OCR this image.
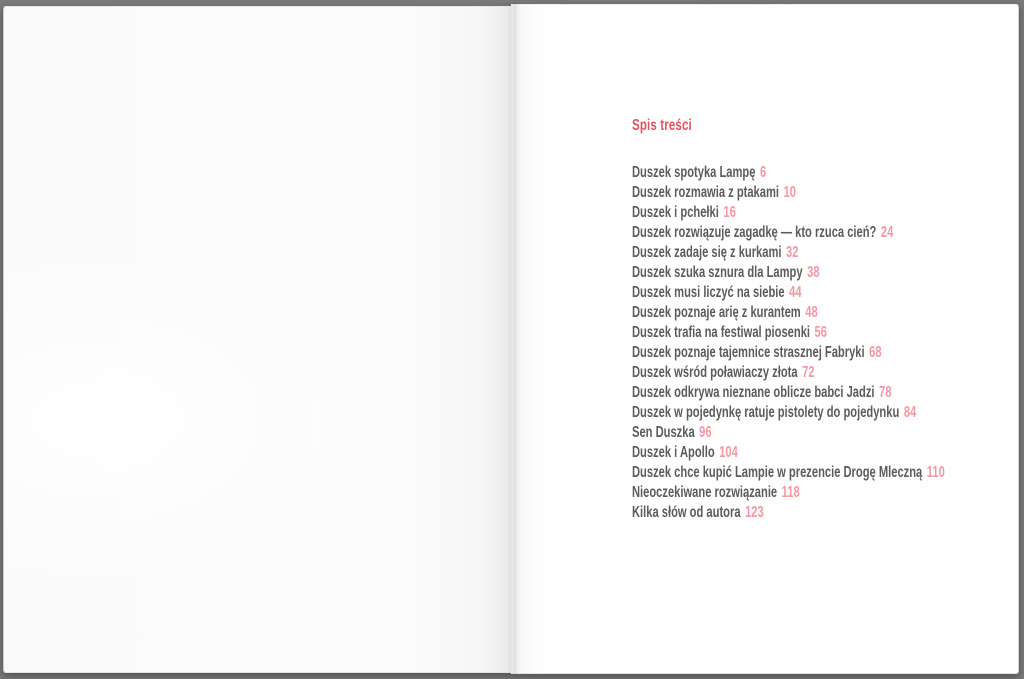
Spis treści
Duszek spotyka Lampę 6
Duszek rozmawia z ptakami 10
Duszek i pchełki 16
Duszek rozwiązuje zagadkę — kto rzuca cień? 24
Duszek zadaje się z kurkami 32
Duszek szuka sznura dla Lampy 38
Duszek musi liczyć na siebie 44
Duszek poznaje arię z kurantem 48
Duszek trafia na festiwal piosenki 56
Duszek poznaje tajemnice strasznej Fabryki 68
Duszek wśród poławiaczy złota 72
Duszek odkrywa nieznane oblicze babci Jadzi 78
Duszek w pojedynkę ratuje pistolety do pojedynku 84
Sen Duszka 96
Duszek i Apollo 104
Duszek chce kupić Lampie w prezencie Drogę Mleczną 110
Nieoczekiwane rozwiązanie 118
Kilka słów od autora 123
